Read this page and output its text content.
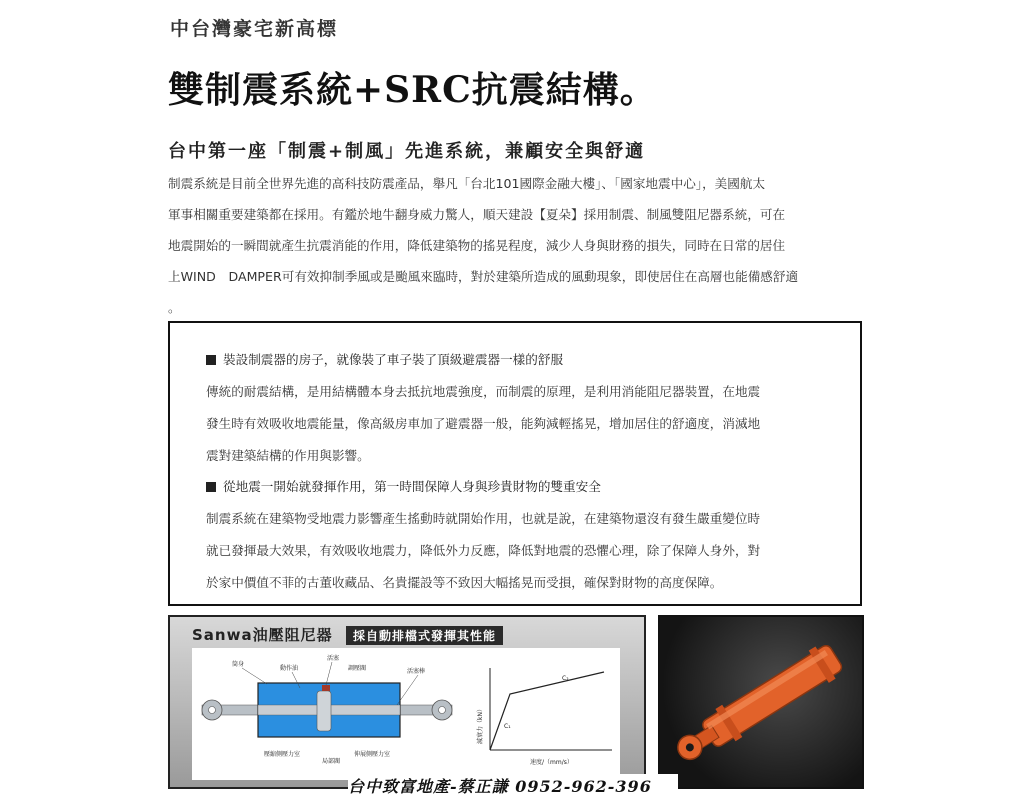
中台灣豪宅新高標
雙制震系統+SRC抗震結構。
台中第一座「制震+制風」先進系統，兼顧安全與舒適

制震系統是目前全世界先進的高科技防震產品，舉凡「台北101國際金融大樓」、「國家地震中心」，美國航太

軍事相關重要建築都在採用。有鑑於地牛翻身威力驚人，順天建設【夏朵】採用制震、制風雙阻尼器系統，可在

地震開始的一瞬間就產生抗震消能的作用，降低建築物的搖晃程度，減少人身與財務的損失，同時在日常的居住

上WIND　DAMPER可有效抑制季風或是颱風來臨時，對於建築所造成的風動現象，即使居住在高層也能備感舒適

。

裝設制震器的房子，就像裝了車子裝了頂級避震器一樣的舒服
傳統的耐震結構，是用結構體本身去抵抗地震強度，而制震的原理，是利用消能阻尼器裝置，在地震
發生時有效吸收地震能量，像高級房車加了避震器一般，能夠減輕搖晃，增加居住的舒適度，消滅地
震對建築結構的作用與影響。
從地震一開始就發揮作用，第一時間保障人身與珍貴財物的雙重安全
制震系統在建築物受地震力影響產生搖動時就開始作用，也就是說，在建築物還沒有發生嚴重變位時
就已發揮最大效果，有效吸收地震力，降低外力反應，降低對地震的恐懼心理，除了保障人身外，對
於家中價值不菲的古董收藏品、名貴擺設等不致因大幅搖晃而受損，確保對財物的高度保障。
Sanwa油壓阻尼器	採自動排檔式發揮其性能
筒身
動作油
活塞
調壓閥	活塞棒
壓縮側壓力室
局部閥
伸展側壓力室
C₁
C₂
速度/（mm/s）
減衰力（kN）
台中致富地產-蔡正謙 0952-962-396
